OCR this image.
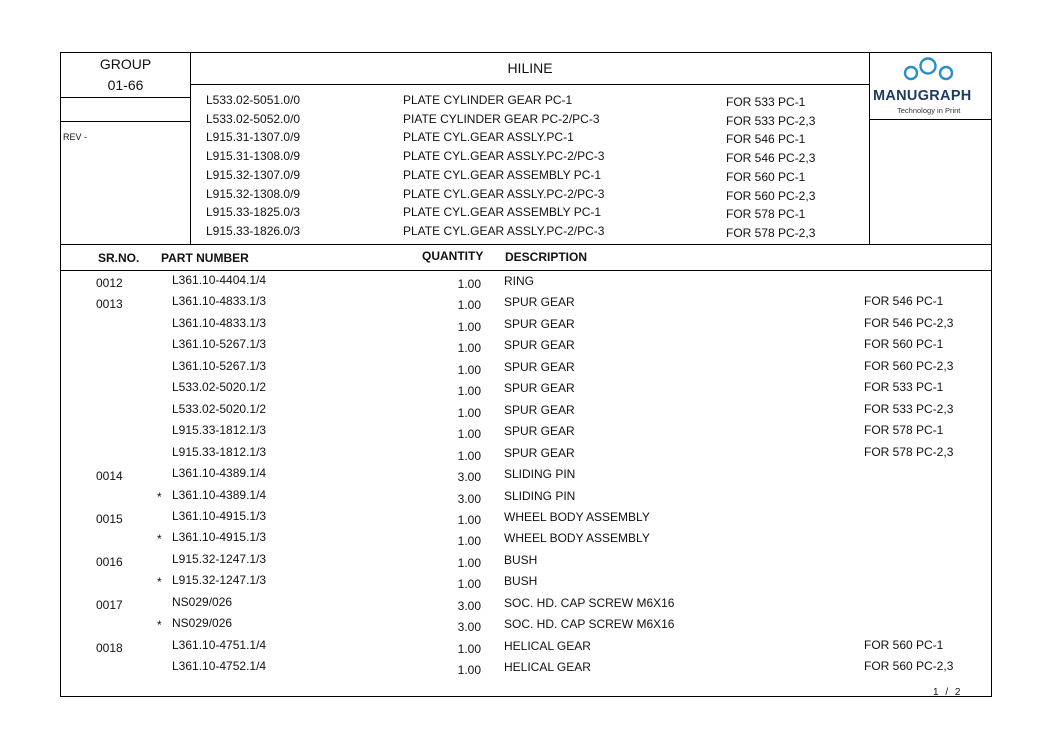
GROUP
01-66
REV -
HILINE
L533.02-5051.0/0	PLATE CYLINDER GEAR PC-1	FOR 533 PC-1
L533.02-5052.0/0	PIATE CYLINDER GEAR PC-2/PC-3	FOR 533 PC-2,3
L915.31-1307.0/9	PLATE CYL.GEAR ASSLY.PC-1	FOR 546 PC-1
L915.31-1308.0/9	PLATE CYL.GEAR ASSLY.PC-2/PC-3	FOR 546 PC-2,3
L915.32-1307.0/9	PLATE CYL.GEAR ASSEMBLY PC-1	FOR 560 PC-1
L915.32-1308.0/9	PLATE CYL.GEAR ASSLY.PC-2/PC-3	FOR 560 PC-2,3
L915.33-1825.0/3	PLATE CYL.GEAR ASSEMBLY PC-1	FOR 578 PC-1
L915.33-1826.0/3	PLATE CYL.GEAR ASSLY.PC-2/PC-3	FOR 578 PC-2,3
MANUGRAPH
Technology in Print
SR.NO. PART NUMBER	QUANTITY DESCRIPTION
0012	L361.10-4404.1/4	1.00 RING
0013	L361.10-4833.1/3	1.00 SPUR GEAR	FOR 546 PC-1
L361.10-4833.1/3	1.00 SPUR GEAR	FOR 546 PC-2,3
L361.10-5267.1/3	1.00 SPUR GEAR	FOR 560 PC-1
L361.10-5267.1/3	1.00 SPUR GEAR	FOR 560 PC-2,3
L533.02-5020.1/2	1.00 SPUR GEAR	FOR 533 PC-1
L533.02-5020.1/2	1.00 SPUR GEAR	FOR 533 PC-2,3
L915.33-1812.1/3	1.00 SPUR GEAR	FOR 578 PC-1
L915.33-1812.1/3	1.00 SPUR GEAR	FOR 578 PC-2,3
0014	L361.10-4389.1/4	3.00 SLIDING PIN
* L361.10-4389.1/4	3.00 SLIDING PIN
0015	L361.10-4915.1/3	1.00 WHEEL BODY ASSEMBLY
* L361.10-4915.1/3	1.00 WHEEL BODY ASSEMBLY
0016	L915.32-1247.1/3	1.00 BUSH
* L915.32-1247.1/3	1.00 BUSH
0017	NS029/026	3.00 SOC. HD. CAP SCREW M6X16
* NS029/026	3.00 SOC. HD. CAP SCREW M6X16
0018	L361.10-4751.1/4	1.00 HELICAL GEAR	FOR 560 PC-1
L361.10-4752.1/4	1.00 HELICAL GEAR	FOR 560 PC-2,3
1 / 2
